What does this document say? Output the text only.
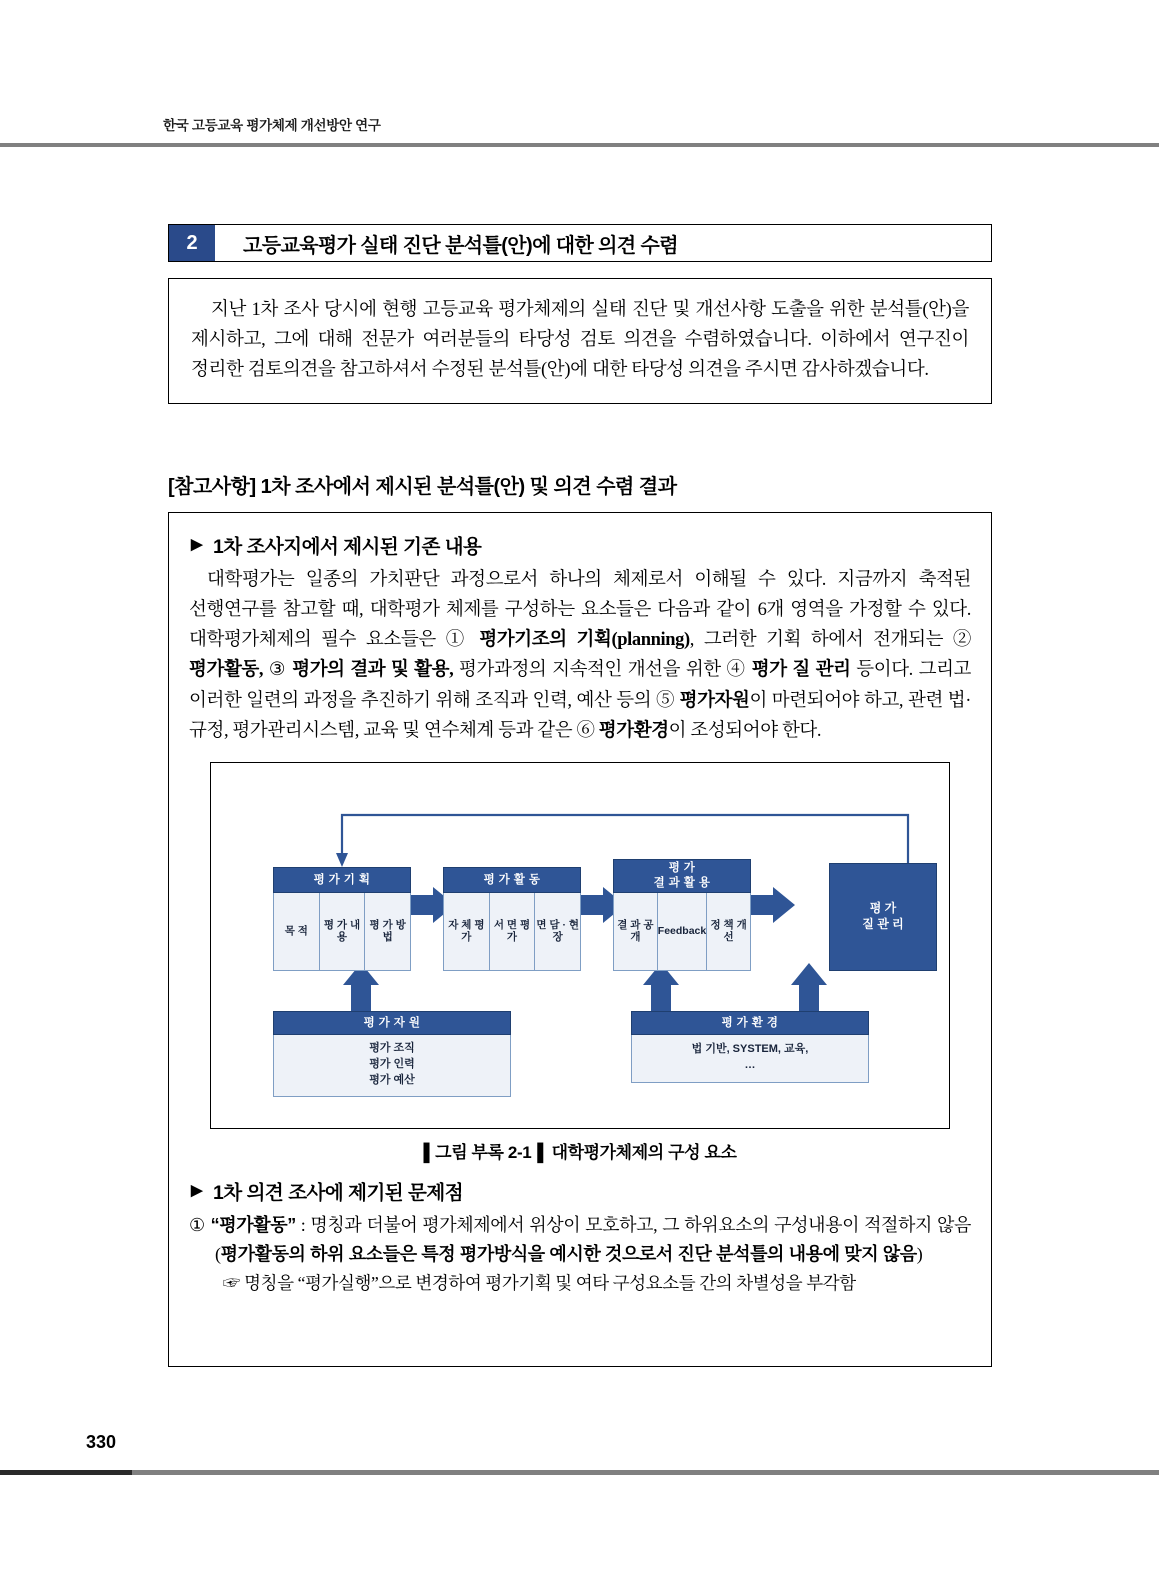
한국 고등교육 평가체제 개선방안 연구
2	고등교육평가 실태 진단 분석틀(안)에 대한 의견 수렴

지난 1차 조사 당시에 현행 고등교육 평가체제의 실태 진단 및 개선사항 도출을 위한 분석틀(안)을 제시하고, 그에 대해 전문가 여러분들의 타당성 검토 의견을 수렴하였습니다. 이하에서 연구진이 정리한 검토의견을 참고하셔서 수정된 분석틀(안)에 대한 타당성 의견을 주시면 감사하겠습니다.

[참고사항] 1차 조사에서 제시된 분석틀(안) 및 의견 수렴 결과
▶ 1차 조사지에서 제시된 기존 내용

대학평가는 일종의 가치판단 과정으로서 하나의 체제로서 이해될 수 있다. 지금까지 축적된 선행연구를 참고할 때, 대학평가 체제를 구성하는 요소들은 다음과 같이 6개 영역을 가정할 수 있다. 대학평가체제의 필수 요소들은 ① 평가기조의 기획(planning), 그러한 기획 하에서 전개되는 ② 평가활동, ③ 평가의 결과 및 활용, 평가과정의 지속적인 개선을 위한 ④ 평가 질 관리 등이다. 그리고 이러한 일련의 과정을 추진하기 위해 조직과 인력, 예산 등의 ⑤ 평가자원이 마련되어야 하고, 관련 법·규정, 평가관리시스템, 교육 및 연수체계 등과 같은 ⑥ 평가환경이 조성되어야 한다.

평 가 기 획
목 적
평 가 내 용
평 가 방 법
평 가 활 동
자 체 평 가
서 면 평 가
면 담 · 현 장
평 가
결 과 활 용
결 과 공 개
Feedback
정 책 개 선
평 가
질 관 리
평 가 자 원
평가 조직
평가 인력
평가 예산
평 가 환 경
법 기반, SYSTEM, 교육,
…
▌그림 부록 2-1▐ 대학평가체제의 구성 요소
▶ 1차 의견 조사에 제기된 문제점

① “평가활동” : 명칭과 더불어 평가체제에서 위상이 모호하고, 그 하위요소의 구성내용이 적절하지 않음(평가활동의 하위 요소들은 특정 평가방식을 예시한 것으로서 진단 분석틀의 내용에 맞지 않음)

☞ 명칭을 “평가실행”으로 변경하여 평가기획 및 여타 구성요소들 간의 차별성을 부각함

330
